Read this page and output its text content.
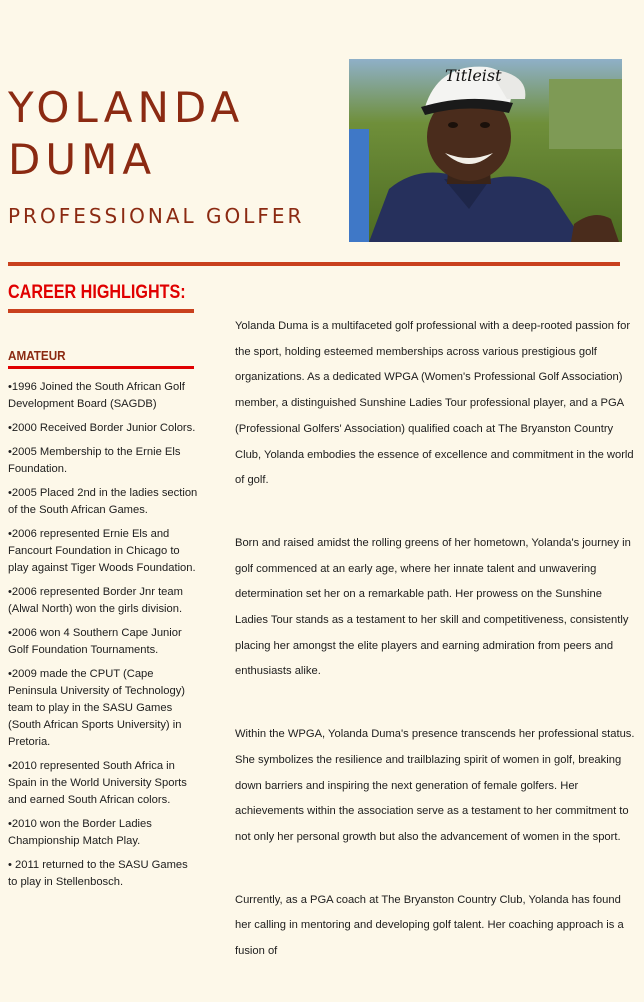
YOLANDA
DUMA

PROFESSIONAL GOLFER

Titleist
CAREER HIGHLIGHTS:
AMATEUR
•1996 Joined the South African Golf Development Board (SAGDB)
•2000 Received Border Junior Colors.
•2005 Membership to the Ernie Els Foundation.
•2005 Placed 2nd in the ladies section of the South African Games.
•2006 represented Ernie Els and Fancourt Foundation in Chicago to play against Tiger Woods Foundation.
•2006 represented Border Jnr team (Alwal North) won the girls division.
•2006 won 4 Southern Cape Junior Golf Foundation Tournaments.
•2009 made the CPUT (Cape Peninsula University of Technology) team to play in the SASU Games (South African Sports University) in Pretoria.
•2010 represented South Africa in Spain in the World University Sports and earned South African colors.
•2010 won the Border Ladies Championship Match Play.
• 2011 returned to the SASU Games to play in Stellenbosch.

Yolanda Duma is a multifaceted golf professional with a deep-rooted passion for the sport, holding esteemed memberships across various prestigious golf organizations. As a dedicated WPGA (Women's Professional Golf Association) member, a distinguished Sunshine Ladies Tour professional player, and a PGA (Professional Golfers' Association) qualified coach at The Bryanston Country Club, Yolanda embodies the essence of excellence and commitment in the world of golf.

Born and raised amidst the rolling greens of her hometown, Yolanda's journey in golf commenced at an early age, where her innate talent and unwavering determination set her on a remarkable path. Her prowess on the Sunshine Ladies Tour stands as a testament to her skill and competitiveness, consistently placing her amongst the elite players and earning admiration from peers and enthusiasts alike.

Within the WPGA, Yolanda Duma's presence transcends her professional status. She symbolizes the resilience and trailblazing spirit of women in golf, breaking down barriers and inspiring the next generation of female golfers. Her achievements within the association serve as a testament to her commitment to not only her personal growth but also the advancement of women in the sport.

Currently, as a PGA coach at The Bryanston Country Club, Yolanda has found her calling in mentoring and developing golf talent. Her coaching approach is a fusion of
